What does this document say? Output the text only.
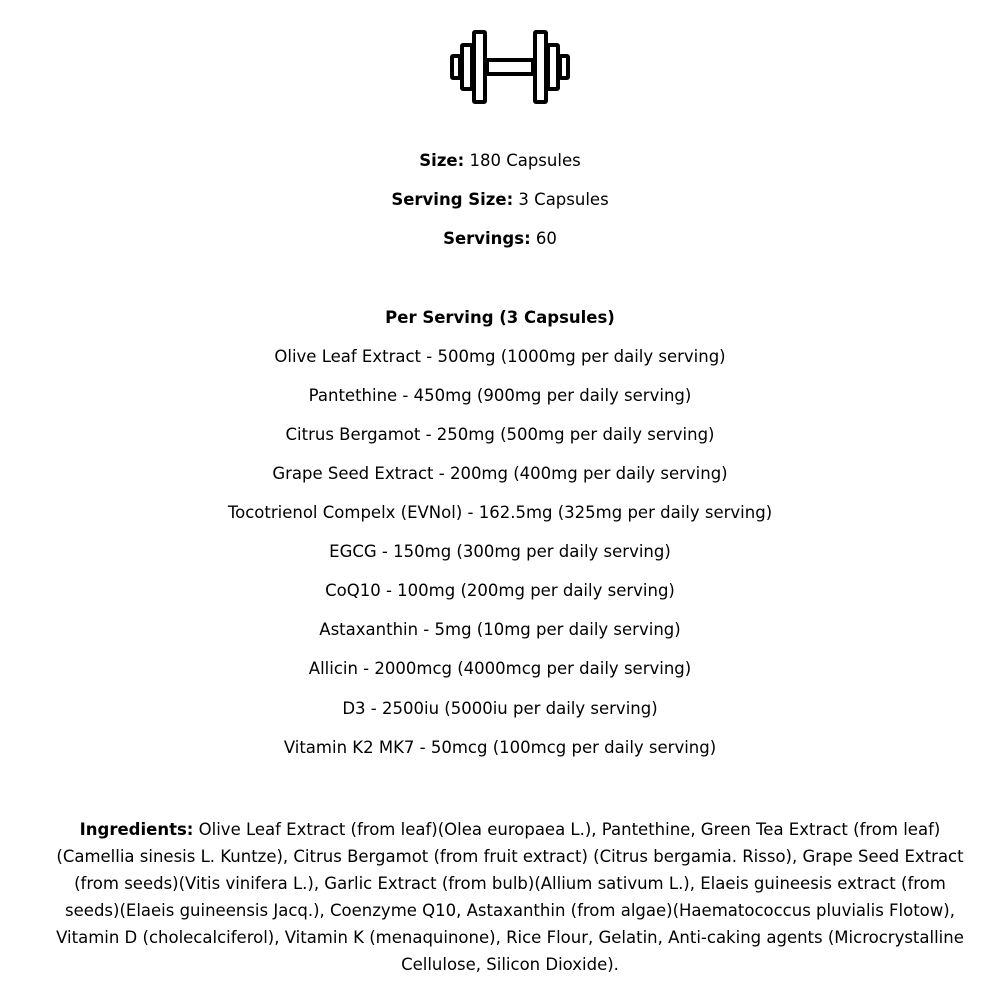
Size: 180 Capsules
Serving Size: 3 Capsules
Servings: 60
Per Serving (3 Capsules)
Olive Leaf Extract - 500mg (1000mg per daily serving)
Pantethine - 450mg (900mg per daily serving)
Citrus Bergamot - 250mg (500mg per daily serving)
Grape Seed Extract - 200mg (400mg per daily serving)
Tocotrienol Compelx (EVNol) - 162.5mg (325mg per daily serving)
EGCG - 150mg (300mg per daily serving)
CoQ10 - 100mg (200mg per daily serving)
Astaxanthin - 5mg (10mg per daily serving)
Allicin - 2000mcg (4000mcg per daily serving)
D3 - 2500iu (5000iu per daily serving)
Vitamin K2 MK7 - 50mcg (100mcg per daily serving)
Ingredients: Olive Leaf Extract (from leaf)(Olea europaea L.), Pantethine, Green Tea Extract (from leaf) (Camellia sinesis L. Kuntze), Citrus Bergamot (from fruit extract) (Citrus bergamia. Risso), Grape Seed Extract (from seeds)(Vitis vinifera L.), Garlic Extract (from bulb)(Allium sativum L.), Elaeis guineesis extract (from seeds)(Elaeis guineensis Jacq.), Coenzyme Q10, Astaxanthin (from algae)(Haematococcus pluvialis Flotow), Vitamin D (cholecalciferol), Vitamin K (menaquinone), Rice Flour, Gelatin, Anti-caking agents (Microcrystalline Cellulose, Silicon Dioxide).
